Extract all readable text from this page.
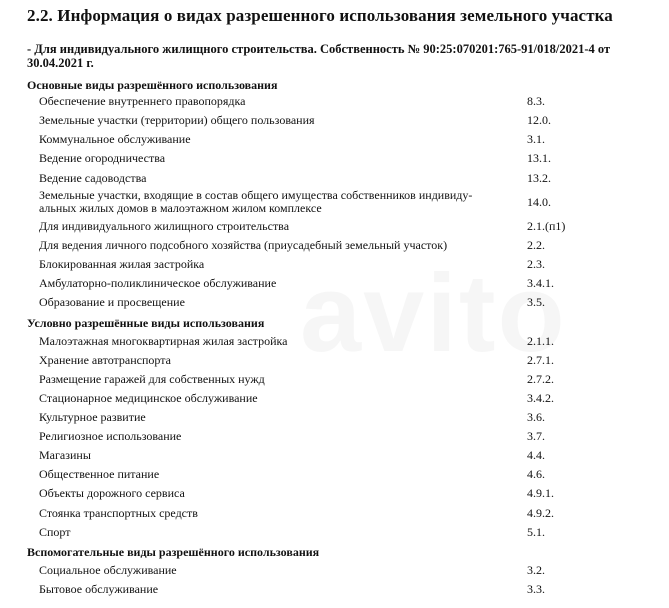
2.2. Информация о видах разрешенного использования земельного участка
- Для индивидуального жилищного строительства. Собственность № 90:25:070201:765-91/018/2021-4 от 30.04.2021 г.
Основные виды разрешённого использования
Обеспечение внутреннего правопорядка	8.3.
Земельные участки (территории) общего пользования	12.0.
Коммунальное обслуживание	3.1.
Ведение огородничества	13.1.
Ведение садоводства	13.2.
Земельные участки, входящие в состав общего имущества собственников индивиду-альных жилых домов в малоэтажном жилом комплексе	14.0.
Для индивидуального жилищного строительства	2.1.(п1)
Для ведения личного подсобного хозяйства (приусадебный земельный участок)	2.2.
Блокированная жилая застройка	2.3.
Амбулаторно-поликлиническое обслуживание	3.4.1.
Образование и просвещение	3.5.
Условно разрешённые виды использования
Малоэтажная многоквартирная жилая застройка	2.1.1.
Хранение автотранспорта	2.7.1.
Размещение гаражей для собственных нужд	2.7.2.
Стационарное медицинское обслуживание	3.4.2.
Культурное развитие	3.6.
Религиозное использование	3.7.
Магазины	4.4.
Общественное питание	4.6.
Объекты дорожного сервиса	4.9.1.
Стоянка транспортных средств	4.9.2.
Спорт	5.1.
Вспомогательные виды разрешённого использования
Социальное обслуживание	3.2.
Бытовое обслуживание	3.3.
